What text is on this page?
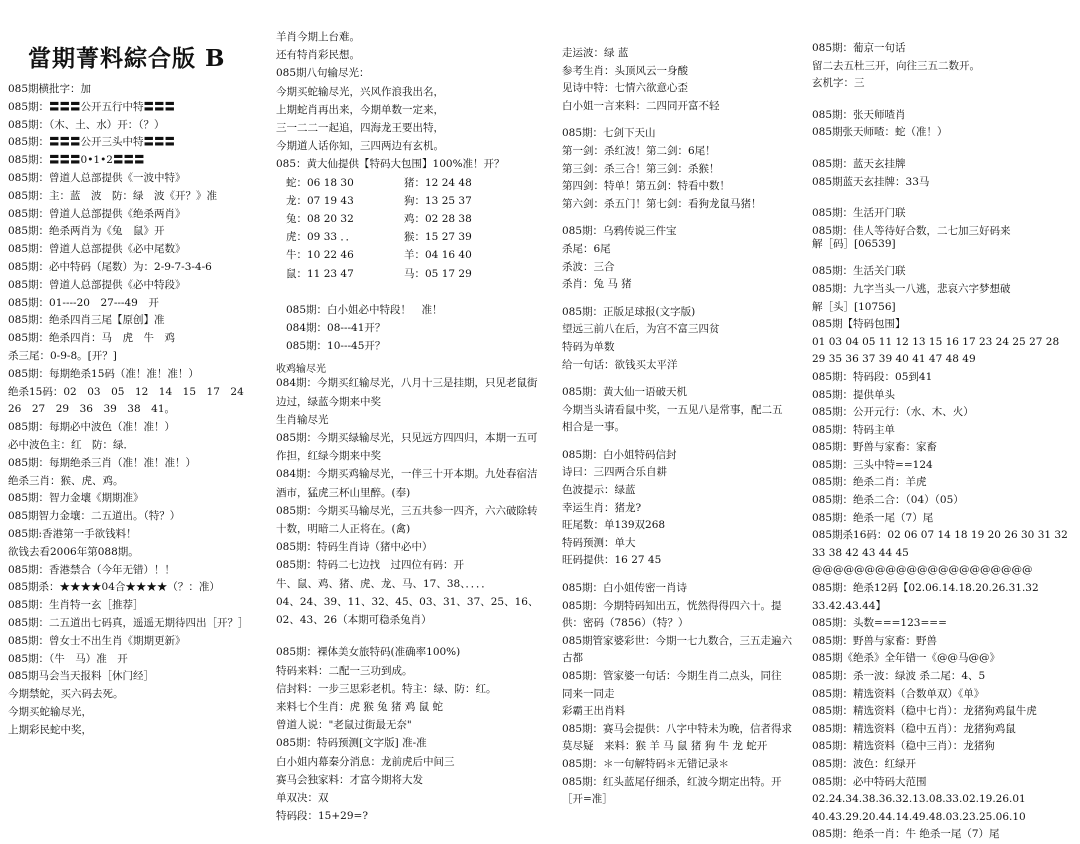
當期菁料綜合版 B
085期横批字：加
085期：〓〓〓公开五行中特〓〓〓
085期：（木、土、水）开：（？）
085期：〓〓〓公开三头中特〓〓〓
085期：〓〓〓0•1•2〓〓〓
085期：曾道人总部提供《一波中特》
085期：主：蓝　波　防：绿　波《开？》准
085期：曾道人总部提供《绝杀两肖》
085期：绝杀两肖为《兔　鼠》开
085期：曾道人总部提供《必中尾数》
085期：必中特码（尾数）为：2-9-7-3-4-6
085期：曾道人总部提供《必中特段》
085期：01----20　27---49　开
085期：绝杀四肖三尾【原创】准
085期：绝杀四肖：马　虎　牛　鸡
杀三尾：0-9-8。[开？]
085期：每期绝杀15码（准！准！准！）
绝杀15码：02　03　05　12　14　15　17　24
26　27　29　36　39　38　41。
085期：每期必中波色（准！准！）
必中波色主：红　防：绿．
085期：每期绝杀三肖（准！准！准！）
绝杀三肖：猴、虎、鸡。
085期：智力金壤《期期准》
085期智力金壤：二五道出。（特？）
085期:香港第一手欲钱料！
欲钱去看2006年第088期。
085期：香港禁合（今年无错）！！
085期杀：★★★★04合★★★★（？：准）
085期：生肖特一玄［推荐］
085期：二五道出七码真，遥遥无期待四出［开？］
085期：曾女士不出生肖《期期更新》
085期：（牛　马）准　开
085期马会当天报料［休门经］
今期禁蛇，买六码去死。
今期买蛇输尽光，
上期彩民蛇中奖，
羊肖今期上台难。
还有特肖彩民想。
085期八句输尽光：
今期买蛇输尽光，兴风作浪我出名，
上期蛇肖再出来，今期单数一定来，
三一二二一起追，四海龙王要出特，
今期道人话你知，三四两边有玄机。
085：黄大仙提供【特码大包围】100%准！开？
蛇：06 18 30	猪：12 24 48
龙：07 19 43	狗：13 25 37
兔：08 20 32	鸡：02 28 38
虎：09 33 ．．	猴：15 27 39
牛：10 22 46	羊：04 16 40
鼠：11 23 47	马：05 17 29
085期：白小姐必中特段！　准！
084期：08---41开？
085期：10---45开？
收鸡输尽光
084期：今期买红输尽光，八月十三是挂期，只见老鼠街
边过，绿蓝今期来中奖
生肖输尽光
085期：今期买绿输尽光，只见远方四四归，本期一五可
作担，红绿今期来中奖
084期：今期买鸡输尽光，一伴三十开本期。九处春宿洁
酒市，猛虎三杯山里醉。(奉)
085期：今期买马输尽光，三五共参一四齐，六六破除转
十数，明暗二人正将在。(禽)
085期：特码生肖诗（猪中必中）
085期：特码二七边找　过四位有码：开
牛、鼠、鸡、猪、虎、龙、马、17、38、．．．．
04、24、39、11、32、45、03、31、37、25、16、
02、43、26（本期可稳杀兔肖）
085期：裸体美女旅特码(准确率100%)
特码来料：二配一三功到成。
信封料：一步三思彩老机。特主：绿、防：红。
来料七个生肖：虎 猴 兔 猪 鸡 鼠 蛇
曾道人说："老鼠过街最无奈"
085期：特码预测[文字版] 准-准
白小姐内幕秦分消息：龙前虎后中间三
赛马会独家料：才富今期将大发
单双决：双
特码段：15+29=?
走运波：绿 蓝
参考生肖：头顶风云一身酸
见诗中特：七情六欲意心歪
白小姐一言来料：二四同开富不轻
085期：七剑下天山
第一剑：杀红波！第二剑：6尾！
第三剑：杀三合！第三剑：杀猴！
第四剑：特单！第五剑：特看中数！
第六剑：杀五门！第七剑：看狗龙鼠马猪！
085期：乌鸦传说三件宝
杀尾：6尾
杀波：三合
杀肖：兔 马 猪
085期：正版足球报(文字版)
望远三前八在后，为宫不富三四贫
特码为单数
给一句话：欲钱买太平洋
085期：黄大仙一语破天机
今期当头请看鼠中奖，一五见八是常事，配二五
相合是一事。
085期：白小姐特码信封
诗曰：三四两合乐自耕
色波提示：绿蓝
幸运生肖：猪龙?
旺尾数：单139双268
特码预测：单大
旺码提供：16 27 45
085期：白小姐传密一肖诗
085期：今期特码知出五，恍然得得四六十。提
供：密码（7856）（特？）
085期管家婆彩世：今期一七九数合，三五走遍六
古都
085期：管家婆一句话：今期生肖二点头，同往
同来一同走
彩霸王出肖料
085期：赛马会提供：八字中特未为晚，信者得求
莫尽疑　来料：猴 羊 马 鼠 猪 狗 牛 龙 蛇开
085期：＊一句解特码＊无错记录＊
085期：红头蓝尾仔细杀，红波今期定出特。开
［开=准］
085期：葡京一句话
留二去五杜三开，向往三五二数开。
玄机字：三
085期：张天师喳肖
085期张天师喳：蛇（准！）
085期：蓝天玄挂牌
085期蓝天玄挂牌：33马
085期：生活开门联
085期：佳人等待好合数，二七加三好码来
解［码］[06539]
085期：生活关门联
085期：九字当头一八逃，悲哀六字梦想破
解［头］[10756]
085期【特码包围】
01 03 04 05 11 12 13 15 16 17 23 24 25 27 28
29 35 36 37 39 40 41 47 48 49
085期：特码段：05到41
085期：提供单头
085期：公开元行：（水、木、火）
085期：特码主单
085期：野兽与家畜：家畜
085期：三头中特==124
085期：绝杀二肖：羊虎
085期：绝杀二合：（04）（05）
085期：绝杀一尾（7）尾
085期杀16码：02 06 07 14 18 19 20 26 30 31 32
33 38 42 43 44 45
@@@@@@@@@@@@@@@@@@@@@
085期：绝杀12码【02.06.14.18.20.26.31.32
33.42.43.44】
085期：头数===123===
085期：野兽与家畜：野兽
085期《绝杀》全年错一《@@马@@》
085期：杀一波：绿波 杀二尾：4、5
085期：精选资料（合数单双）《单》
085期：精选资料（稳中七肖）：龙猪狗鸡鼠牛虎
085期：精选资料（稳中五肖）：龙猪狗鸡鼠
085期：精选资料（稳中三肖）：龙猪狗
085期：波色：红绿开
085期：必中特码大范围
02.24.34.38.36.32.13.08.33.02.19.26.01
40.43.29.20.44.14.49.48.03.23.25.06.10
085期：绝杀一肖：牛 绝杀一尾（7）尾
